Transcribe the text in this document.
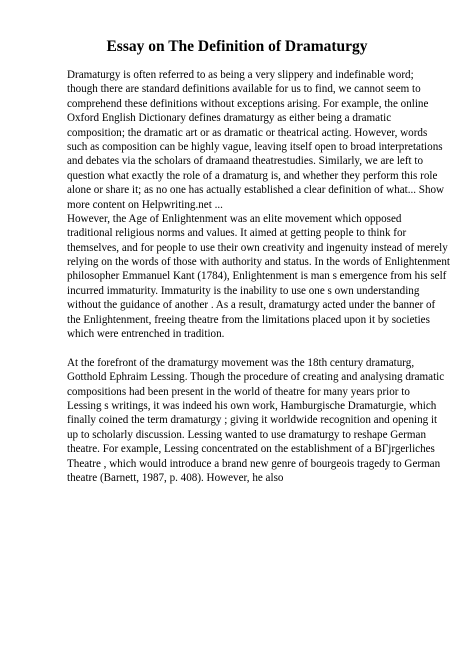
Essay on The Definition of Dramaturgy
Dramaturgy is often referred to as being a very slippery and indefinable word;
though there are standard definitions available for us to find, we cannot seem to
comprehend these definitions without exceptions arising. For example, the online
Oxford English Dictionary defines dramaturgy as either being a dramatic
composition; the dramatic art or as dramatic or theatrical acting. However, words
such as composition can be highly vague, leaving itself open to broad interpretations
and debates via the scholars of dramaand theatrestudies. Similarly, we are left to
question what exactly the role of a dramaturg is, and whether they perform this role
alone or share it; as no one has actually established a clear definition of what... Show
more content on Helpwriting.net ...
However, the Age of Enlightenment was an elite movement which opposed
traditional religious norms and values. It aimed at getting people to think for
themselves, and for people to use their own creativity and ingenuity instead of merely
relying on the words of those with authority and status. In the words of Enlightenment
philosopher Emmanuel Kant (1784), Enlightenment is man s emergence from his self
incurred immaturity. Immaturity is the inability to use one s own understanding
without the guidance of another . As a result, dramaturgy acted under the banner of
the Enlightenment, freeing theatre from the limitations placed upon it by societies
which were entrenched in tradition.
At the forefront of the dramaturgy movement was the 18th century dramaturg,
Gotthold Ephraim Lessing. Though the procedure of creating and analysing dramatic
compositions had been present in the world of theatre for many years prior to
Lessing s writings, it was indeed his own work, Hamburgische Dramaturgie, which
finally coined the term dramaturgy ; giving it worldwide recognition and opening it
up to scholarly discussion. Lessing wanted to use dramaturgy to reshape German
theatre. For example, Lessing concentrated on the establishment of a BГјrgerliches
Theatre , which would introduce a brand new genre of bourgeois tragedy to German
theatre (Barnett, 1987, p. 408). However, he also
